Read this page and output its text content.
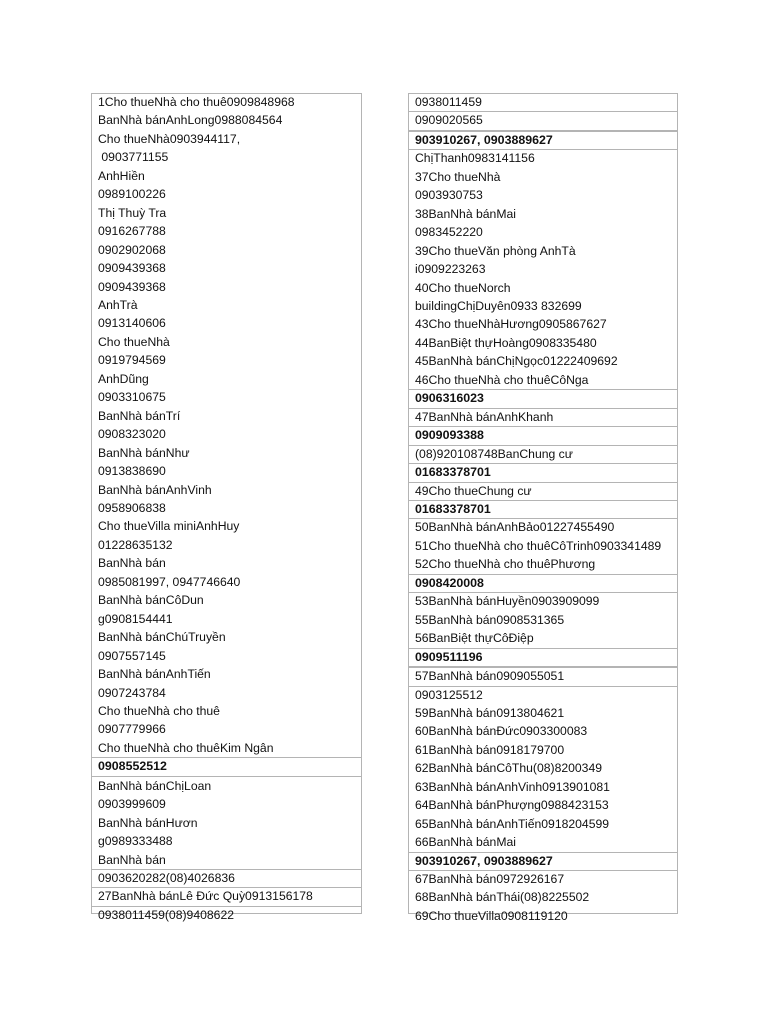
1Cho thueNhà cho thuê0909848968
BanNhà bánAnhLong0988084564
Cho thueNhà0903944117,
0903771155
AnhHiền
0989100226
Thị Thuỳ Tra
0916267788
0902902068
0909439368
0909439368
AnhTrà
0913140606
Cho thueNhà
0919794569
AnhDũng
0903310675
BanNhà bánTrí
0908323020
BanNhà bánNhư
0913838690
BanNhà bánAnhVinh
0958906838
Cho thueVilla miniAnhHuy
01228635132
BanNhà bán
0985081997, 0947746640
BanNhà bánCôDun
g0908154441
BanNhà bánChúTruyền
0907557145
BanNhà bánAnhTiến
0907243784
Cho thueNhà cho thuê
0907779966
Cho thueNhà cho thuêKim Ngân
0908552512
BanNhà bánChịLoan
0903999609
BanNhà bánHươn
g0989333488
BanNhà bán
0903620282(08)4026836
27BanNhà bánLê Đức Quỳ0913156178
0938011459(08)9408622
0938011459
0909020565
903910267, 0903889627
ChịThanh0983141156
37Cho thueNhà
0903930753
38BanNhà bánMai
0983452220
39Cho thueVăn phòng AnhTà
i0909223263
40Cho thueNorch
buildingChịDuyên0933 832699
43Cho thueNhàHương0905867627
44BanBiệt thựHoàng0908335480
45BanNhà bánChịNgọc01222409692
46Cho thueNhà cho thuêCôNga
0906316023
47BanNhà bánAnhKhanh
0909093388
(08)920108748BanChung cư
01683378701
49Cho thueChung cư
01683378701
50BanNhà bánAnhBảo01227455490
51Cho thueNhà cho thuêCôTrinh0903341489
52Cho thueNhà cho thuêPhương
0908420008
53BanNhà bánHuyền0903909099
55BanNhà bán0908531365
56BanBiệt thựCôĐiệp
0909511196
57BanNhà bán0909055051
0903125512
59BanNhà bán0913804621
60BanNhà bánĐức0903300083
61BanNhà bán0918179700
62BanNhà bánCôThu(08)8200349
63BanNhà bánAnhVinh0913901081
64BanNhà bánPhượng0988423153
65BanNhà bánAnhTiến0918204599
66BanNhà bánMai
903910267, 0903889627
67BanNhà bán0972926167
68BanNhà bánThái(08)8225502
69Cho thueVilla0908119120
